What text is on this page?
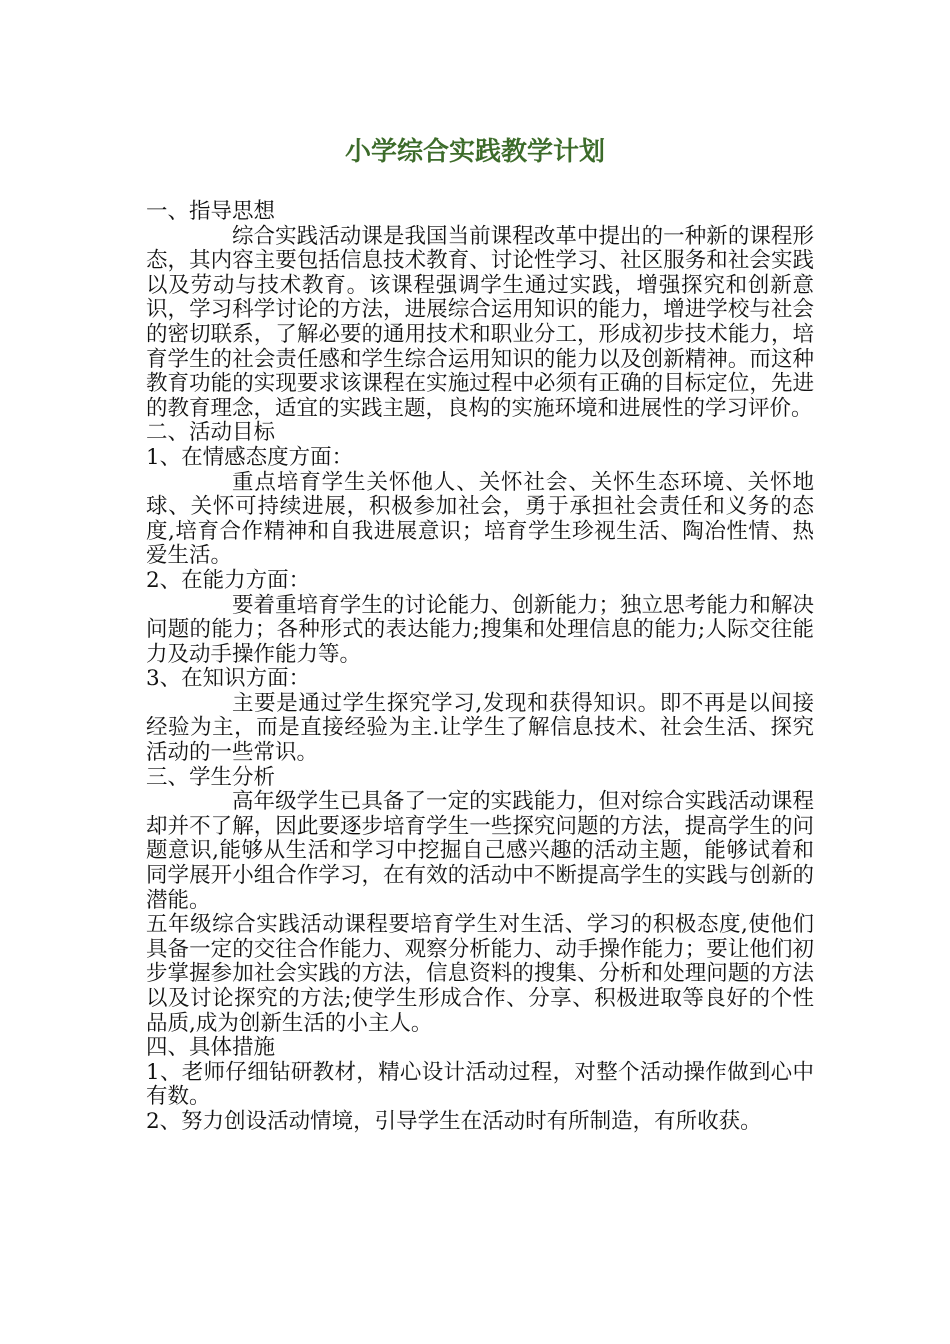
小学综合实践教学计划

一、指导思想

综合实践活动课是我国当前课程改革中提出的一种新的课程形态，其内容主要包括信息技术教育、讨论性学习、社区服务和社会实践以及劳动与技术教育。该课程强调学生通过实践，增强探究和创新意识，学习科学讨论的方法，进展综合运用知识的能力，增进学校与社会的密切联系，了解必要的通用技术和职业分工，形成初步技术能力，培育学生的社会责任感和学生综合运用知识的能力以及创新精神。而这种教育功能的实现要求该课程在实施过程中必须有正确的目标定位，先进的教育理念，适宜的实践主题，良构的实施环境和进展性的学习评价。

二、活动目标

1、在情感态度方面：

重点培育学生关怀他人、关怀社会、关怀生态环境、关怀地球、关怀可持续进展，积极参加社会，勇于承担社会责任和义务的态度,培育合作精神和自我进展意识；培育学生珍视生活、陶冶性情、热爱生活。

2、在能力方面：

要着重培育学生的讨论能力、创新能力；独立思考能力和解决问题的能力；各种形式的表达能力;搜集和处理信息的能力;人际交往能力及动手操作能力等。

3、在知识方面：

主要是通过学生探究学习,发现和获得知识。即不再是以间接经验为主，而是直接经验为主.让学生了解信息技术、社会生活、探究活动的一些常识。

三、学生分析

高年级学生已具备了一定的实践能力，但对综合实践活动课程却并不了解，因此要逐步培育学生一些探究问题的方法，提高学生的问题意识,能够从生活和学习中挖掘自己感兴趣的活动主题，能够试着和同学展开小组合作学习，在有效的活动中不断提高学生的实践与创新的潜能。

五年级综合实践活动课程要培育学生对生活、学习的积极态度,使他们具备一定的交往合作能力、观察分析能力、动手操作能力；要让他们初步掌握参加社会实践的方法，信息资料的搜集、分析和处理问题的方法以及讨论探究的方法;使学生形成合作、分享、积极进取等良好的个性品质,成为创新生活的小主人。

四、具体措施

1、老师仔细钻研教材，精心设计活动过程，对整个活动操作做到心中有数。

2、努力创设活动情境，引导学生在活动时有所制造，有所收获。
